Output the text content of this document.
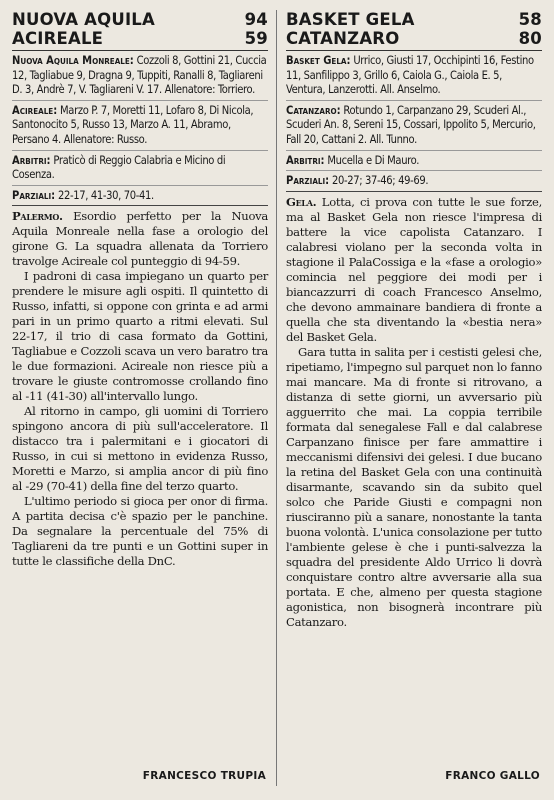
NUOVA AQUILA	94
ACIREALE	59
Nuova Aquila Monreale: Cozzoli 8, Gottini 21, Cuccia 12, Tagliabue 9, Dragna 9, Tuppiti, Ranalli 8, Tagliareni D. 3, Andrè 7, V. Tagliareni V. 17. Allenatore: Torriero.
Acireale: Marzo P. 7, Moretti 11, Lofaro 8, Di Nicola, Santonocito 5, Russo 13, Marzo A. 11, Abramo, Persano 4. Allenatore: Russo.
Arbitri: Praticò di Reggio Calabria e Micino di Cosenza.
Parziali: 22-17, 41-30, 70-41.

Palermo. Esordio perfetto per la Nuova Aquila Monreale nella fase a orologio del girone G. La squadra allenata da Torriero travolge Acireale col punteggio di 94-59.

I padroni di casa impiegano un quarto per prendere le misure agli ospiti. Il quintetto di Russo, infatti, si oppone con grinta e ad armi pari in un primo quarto a ritmi elevati. Sul 22-17, il trio di casa formato da Gottini, Tagliabue e Cozzoli scava un vero baratro tra le due formazioni. Acireale non riesce più a trovare le giuste contromosse crollando fino al -11 (41-30) all'intervallo lungo.

Al ritorno in campo, gli uomini di Torriero spingono ancora di più sull'acceleratore. Il distacco tra i palermitani e i giocatori di Russo, in cui si mettono in evidenza Russo, Moretti e Marzo, si amplia ancor di più fino al -29 (70-41) della fine del terzo quarto.

L'ultimo periodo si gioca per onor di firma. A partita decisa c'è spazio per le panchine. Da segnalare la percentuale del 75% di Tagliareni da tre punti e un Gottini super in tutte le classifiche della DnC.

FRANCESCO TRUPIA
BASKET GELA	58
CATANZARO	80
Basket Gela: Urrico, Giusti 17, Occhipinti 16, Festino 11, Sanfilippo 3, Grillo 6, Caiola G., Caiola E. 5, Ventura, Lanzerotti. All. Anselmo.
Catanzaro: Rotundo 1, Carpanzano 29, Scuderi Al., Scuderi An. 8, Sereni 15, Cossari, Ippolito 5, Mercurio, Fall 20, Cattani 2. All. Tunno.
Arbitri: Mucella e Di Mauro.
Parziali: 20-27; 37-46; 49-69.

Gela. Lotta, ci prova con tutte le sue forze, ma al Basket Gela non riesce l'impresa di battere la vice capolista Catanzaro. I calabresi violano per la seconda volta in stagione il PalaCossiga e la «fase a orologio» comincia nel peggiore dei modi per i biancazzurri di coach Francesco Anselmo, che devono ammainare bandiera di fronte a quella che sta diventando la «bestia nera» del Basket Gela.

Gara tutta in salita per i cestisti gelesi che, ripetiamo, l'impegno sul parquet non lo fanno mai mancare. Ma di fronte si ritrovano, a distanza di sette giorni, un avversario più agguerrito che mai. La coppia terribile formata dal senegalese Fall e dal calabrese Carpanzano finisce per fare ammattire i meccanismi difensivi dei gelesi. I due bucano la retina del Basket Gela con una continuità disarmante, scavando sin da subito quel solco che Paride Giusti e compagni non riusciranno più a sanare, nonostante la tanta buona volontà. L'unica consolazione per tutto l'ambiente gelese è che i punti-salvezza la squadra del presidente Aldo Urrico li dovrà conquistare contro altre avversarie alla sua portata. E che, almeno per questa stagione agonistica, non bisognerà incontrare più Catanzaro.

FRANCO GALLO
